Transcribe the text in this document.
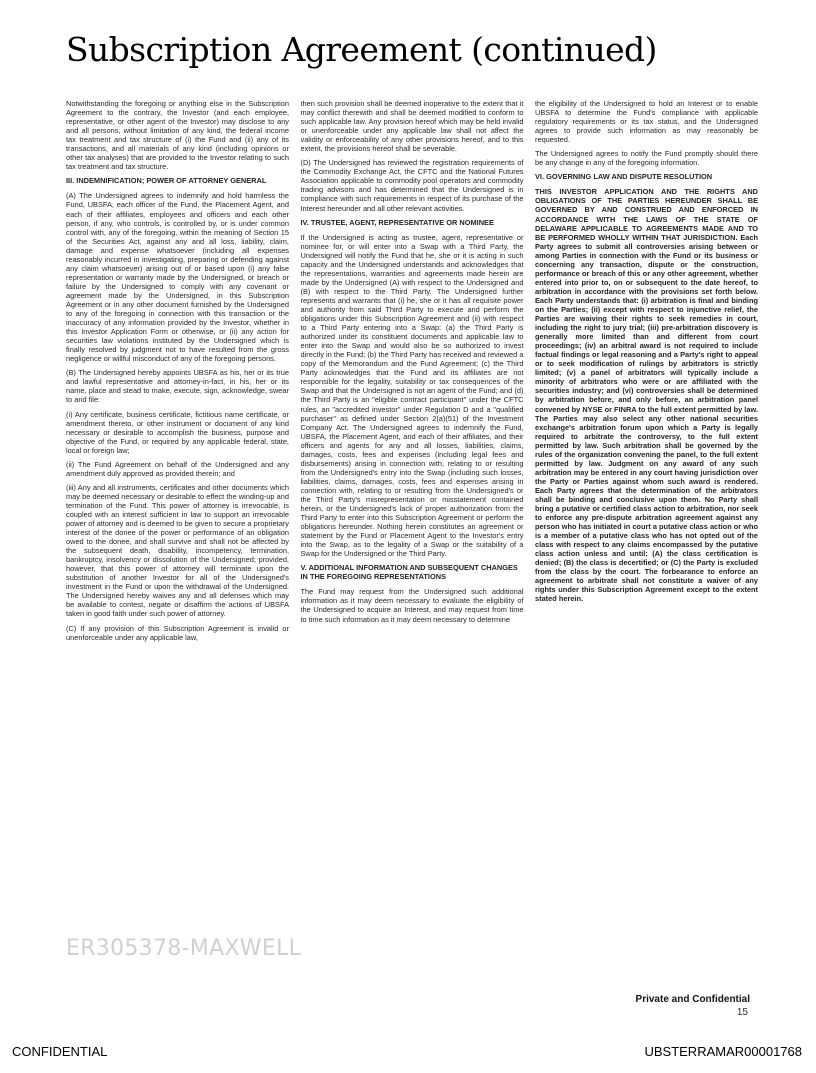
Subscription Agreement (continued)

Notwithstanding the foregoing or anything else in the Subscription Agreement to the contrary, the Investor (and each employee, representative, or other agent of the Investor) may disclose to any and all persons, without limitation of any kind, the federal income tax treatment and tax structure of (i) the Fund and (ii) any of its transactions, and all materials of any kind (including opinions or other tax analyses) that are provided to the Investor relating to such tax treatment and tax structure.

III. INDEMNIFICATION; POWER OF ATTORNEY GENERAL

(A) The Undersigned agrees to indemnify and hold harmless the Fund, UBSFA, each officer of the Fund, the Placement Agent, and each of their affiliates, employees and officers and each other person, if any, who controls, is controlled by, or is under common control with, any of the foregoing, within the meaning of Section 15 of the Securities Act, against any and all loss, liability, claim, damage and expense whatsoever (including all expenses reasonably incurred in investigating, preparing or defending against any claim whatsoever) arising out of or based upon (i) any false representation or warranty made by the Undersigned, or breach or failure by the Undersigned to comply with any covenant or agreement made by the Undersigned, in this Subscription Agreement or in any other document furnished by the Undersigned to any of the foregoing in connection with this transaction or the inaccuracy of any information provided by the Investor, whether in this Investor Application Form or otherwise, or (ii) any action for securities law violations instituted by the Undersigned which is finally resolved by judgment not to have resulted from the gross negligence or willful misconduct of any of the foregoing persons.

(B) The Undersigned hereby appoints UBSFA as his, her or its true and lawful representative and attorney-in-fact, in his, her or its name, place and stead to make, execute, sign, acknowledge, swear to and file:

(i) Any certificate, business certificate, fictitious name certificate, or amendment thereto, or other instrument or document of any kind necessary or desirable to accomplish the business, purpose and objective of the Fund, or required by any applicable federal, state, local or foreign law;

(ii) The Fund Agreement on behalf of the Undersigned and any amendment duly approved as provided therein; and

(iii) Any and all instruments, certificates and other documents which may be deemed necessary or desirable to effect the winding-up and termination of the Fund. This power of attorney is irrevocable, is coupled with an interest sufficient in law to support an irrevocable power of attorney and is deemed to be given to secure a proprietary interest of the donee of the power or performance of an obligation owed to the donee, and shall survive and shall not be affected by the subsequent death, disability, incompetency, termination, bankruptcy, insolvency or dissolution of the Undersigned; provided, however, that this power of attorney will terminate upon the substitution of another Investor for all of the Undersigned's investment in the Fund or upon the withdrawal of the Undersigned. The Undersigned hereby waives any and all defenses which may be available to contest, negate or disaffirm the actions of UBSFA taken in good faith under such power of attorney.

(C) If any provision of this Subscription Agreement is invalid or unenforceable under any applicable law,

then such provision shall be deemed inoperative to the extent that it may conflict therewith and shall be deemed modified to conform to such applicable law. Any provision hereof which may be held invalid or unenforceable under any applicable law shall not affect the validity or enforceability of any other provisions hereof, and to this extent, the provisions hereof shall be severable.

(D) The Undersigned has reviewed the registration requirements of the Commodity Exchange Act, the CFTC and the National Futures Association applicable to commodity pool operators and commodity trading advisors and has determined that the Undersigned is in compliance with such requirements in respect of its purchase of the Interest hereunder and all other relevant activities.

IV. TRUSTEE, AGENT, REPRESENTATIVE OR NOMINEE

If the Undersigned is acting as trustee, agent, representative or nominee for, or will enter into a Swap with a Third Party, the Undersigned will notify the Fund that he, she or it is acting in such capacity and the Undersigned understands and acknowledges that the representations, warranties and agreements made herein are made by the Undersigned (A) with respect to the Undersigned and (B) with respect to the Third Party. The Undersigned further represents and warrants that (i) he, she or it has all requisite power and authority from said Third Party to execute and perform the obligations under this Subscription Agreement and (ii) with respect to a Third Party entering into a Swap: (a) the Third Party is authorized under its constituent documents and applicable law to enter into the Swap and would also be so authorized to invest directly in the Fund; (b) the Third Party has received and reviewed a copy of the Memorandum and the Fund Agreement; (c) the Third Party acknowledges that the Fund and its affiliates are not responsible for the legality, suitability or tax consequences of the Swap and that the Undersigned is not an agent of the Fund; and (d) the Third Party is an "eligible contract participant" under the CFTC rules, an "accredited investor" under Regulation D and a "qualified purchaser" as defined under Section 2(a)(51) of the Investment Company Act. The Undersigned agrees to indemnify the Fund, UBSFA, the Placement Agent, and each of their affiliates, and their officers and agents for any and all losses, liabilities, claims, damages, costs, fees and expenses (including legal fees and disbursements) arising in connection with, relating to or resulting from the Undersigned's entry into the Swap (including such losses, liabilities, claims, damages, costs, fees and expenses arising in connection with, relating to or resulting from the Undersigned's or the Third Party's misrepresentation or misstatement contained herein, or the Undersigned's lack of proper authorization from the Third Party to enter into this Subscription Agreement or perform the obligations hereunder. Nothing herein constitutes an agreement or statement by the Fund or Placement Agent to the Investor's entry into the Swap, as to the legality of a Swap or the suitability of a Swap for the Undersigned or the Third Party.

V. ADDITIONAL INFORMATION AND SUBSEQUENT CHANGES IN THE FOREGOING REPRESENTATIONS

The Fund may request from the Undersigned such additional information as it may deem necessary to evaluate the eligibility of the Undersigned to acquire an Interest, and may request from time to time such information as it may deem necessary to determine

the eligibility of the Undersigned to hold an Interest or to enable UBSFA to determine the Fund's compliance with applicable regulatory requirements or its tax status, and the Undersigned agrees to provide such information as may reasonably be requested.

The Undersigned agrees to notify the Fund promptly should there be any change in any of the foregoing information.

VI. GOVERNING LAW AND DISPUTE RESOLUTION

THIS INVESTOR APPLICATION AND THE RIGHTS AND OBLIGATIONS OF THE PARTIES HEREUNDER SHALL BE GOVERNED BY AND CONSTRUED AND ENFORCED IN ACCORDANCE WITH THE LAWS OF THE STATE OF DELAWARE APPLICABLE TO AGREEMENTS MADE AND TO BE PERFORMED WHOLLY WITHIN THAT JURISDICTION. Each Party agrees to submit all controversies arising between or among Parties in connection with the Fund or its business or concerning any transaction, dispute or the construction, performance or breach of this or any other agreement, whether entered into prior to, on or subsequent to the date hereof, to arbitration in accordance with the provisions set forth below. Each Party understands that: (i) arbitration is final and binding on the Parties; (ii) except with respect to injunctive relief, the Parties are waiving their rights to seek remedies in court, including the right to jury trial; (iii) pre-arbitration discovery is generally more limited than and different from court proceedings; (iv) an arbitral award is not required to include factual findings or legal reasoning and a Party's right to appeal or to seek modification of rulings by arbitrators is strictly limited; (v) a panel of arbitrators will typically include a minority of arbitrators who were or are affiliated with the securities industry; and (vi) controversies shall be determined by arbitration before, and only before, an arbitration panel convened by NYSE or FINRA to the full extent permitted by law. The Parties may also select any other national securities exchange's arbitration forum upon which a Party is legally required to arbitrate the controversy, to the full extent permitted by law. Such arbitration shall be governed by the rules of the organization convening the panel, to the full extent permitted by law. Judgment on any award of any such arbitration may be entered in any court having jurisdiction over the Party or Parties against whom such award is rendered. Each Party agrees that the determination of the arbitrators shall be binding and conclusive upon them. No Party shall bring a putative or certified class action to arbitration, nor seek to enforce any pre-dispute arbitration agreement against any person who has initiated in court a putative class action or who is a member of a putative class who has not opted out of the class with respect to any claims encompassed by the putative class action unless and until: (A) the class certification is denied; (B) the class is decertified; or (C) the Party is excluded from the class by the court. The forbearance to enforce an agreement to arbitrate shall not constitute a waiver of any rights under this Subscription Agreement except to the extent stated herein.

ER305378-MAXWELL
Private and Confidential
15
CONFIDENTIAL	UBSTERRAMAR00001768
